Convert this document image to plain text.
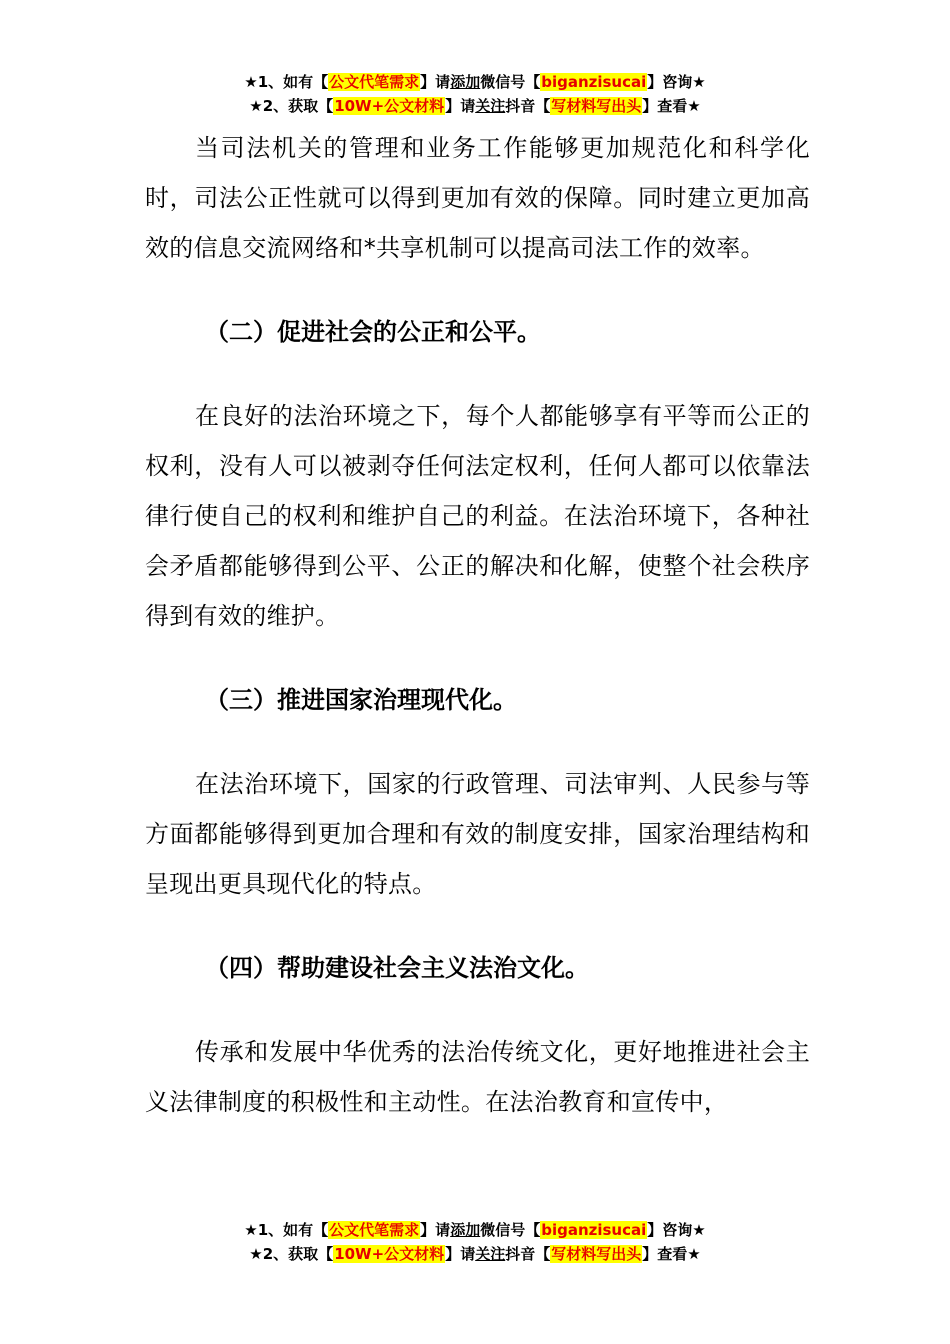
★1、如有【公文代笔需求】请添加微信号【biganzisucai】咨询★
★2、获取【10W+公文材料】请关注抖音【写材料写出头】查看★

当司法机关的管理和业务工作能够更加规范化和科学化时，司法公正性就可以得到更加有效的保障。同时建立更加高效的信息交流网络和*共享机制可以提高司法工作的效率。

（二）促进社会的公正和公平。

在良好的法治环境之下，每个人都能够享有平等而公正的权利，没有人可以被剥夺任何法定权利，任何人都可以依靠法律行使自己的权利和维护自己的利益。在法治环境下，各种社会矛盾都能够得到公平、公正的解决和化解，使整个社会秩序得到有效的维护。

（三）推进国家治理现代化。

在法治环境下，国家的行政管理、司法审判、人民参与等方面都能够得到更加合理和有效的制度安排，国家治理结构和呈现出更具现代化的特点。

（四）帮助建设社会主义法治文化。

传承和发展中华优秀的法治传统文化，更好地推进社会主义法律制度的积极性和主动性。在法治教育和宣传中，

★1、如有【公文代笔需求】请添加微信号【biganzisucai】咨询★
★2、获取【10W+公文材料】请关注抖音【写材料写出头】查看★
